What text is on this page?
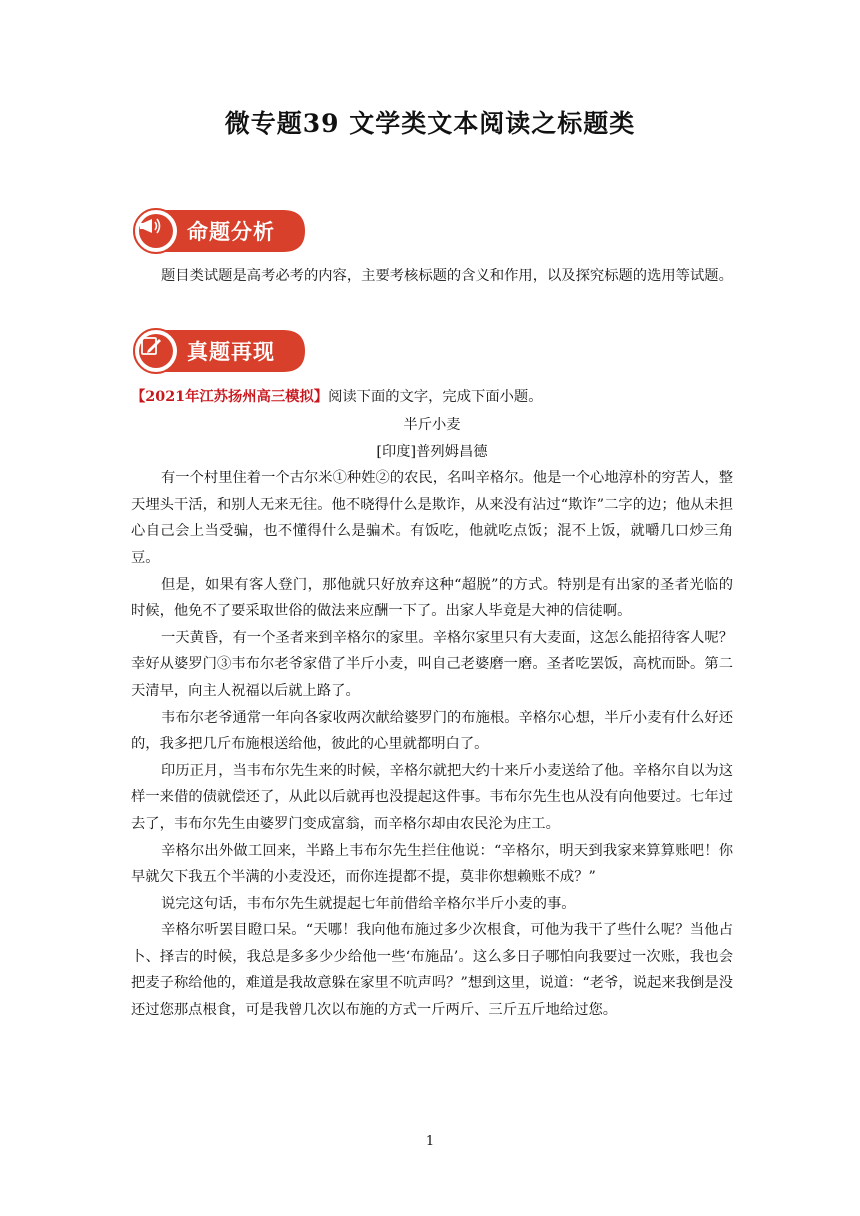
微专题39 文学类文本阅读之标题类
命题分析

题目类试题是高考必考的内容，主要考核标题的含义和作用，以及探究标题的选用等试题。

真题再现

【2021年江苏扬州高三模拟】阅读下面的文字，完成下面小题。

半斤小麦

[印度]普列姆昌德

有一个村里住着一个古尔米①种姓②的农民，名叫辛格尔。他是一个心地淳朴的穷苦人，整天埋头干活，和别人无来无往。他不晓得什么是欺诈，从来没有沾过“欺诈”二字的边；他从未担心自己会上当受骗，也不懂得什么是骗术。有饭吃，他就吃点饭；混不上饭，就嚼几口炒三角豆。

但是，如果有客人登门，那他就只好放弃这种“超脱”的方式。特别是有出家的圣者光临的时候，他免不了要采取世俗的做法来应酬一下了。出家人毕竟是大神的信徒啊。

一天黄昏，有一个圣者来到辛格尔的家里。辛格尔家里只有大麦面，这怎么能招待客人呢？幸好从婆罗门③韦布尔老爷家借了半斤小麦，叫自己老婆磨一磨。圣者吃罢饭，高枕而卧。第二天清早，向主人祝福以后就上路了。

韦布尔老爷通常一年向各家收两次献给婆罗门的布施根。辛格尔心想，半斤小麦有什么好还的，我多把几斤布施根送给他，彼此的心里就都明白了。

印历正月，当韦布尔先生来的时候，辛格尔就把大约十来斤小麦送给了他。辛格尔自以为这样一来借的债就偿还了，从此以后就再也没提起这件事。韦布尔先生也从没有向他要过。七年过去了，韦布尔先生由婆罗门变成富翁，而辛格尔却由农民沦为庄工。

辛格尔出外做工回来，半路上韦布尔先生拦住他说：“辛格尔，明天到我家来算算账吧！你早就欠下我五个半满的小麦没还，而你连提都不提，莫非你想赖账不成？”

说完这句话，韦布尔先生就提起七年前借给辛格尔半斤小麦的事。

辛格尔听罢目瞪口呆。“天哪！我向他布施过多少次根食，可他为我干了些什么呢？当他占卜、择吉的时候，我总是多多少少给他一些‘布施品’。这么多日子哪怕向我要过一次账，我也会把麦子称给他的，难道是我故意躲在家里不吭声吗？”想到这里，说道：“老爷，说起来我倒是没还过您那点根食，可是我曾几次以布施的方式一斤两斤、三斤五斤地给过您。

1
